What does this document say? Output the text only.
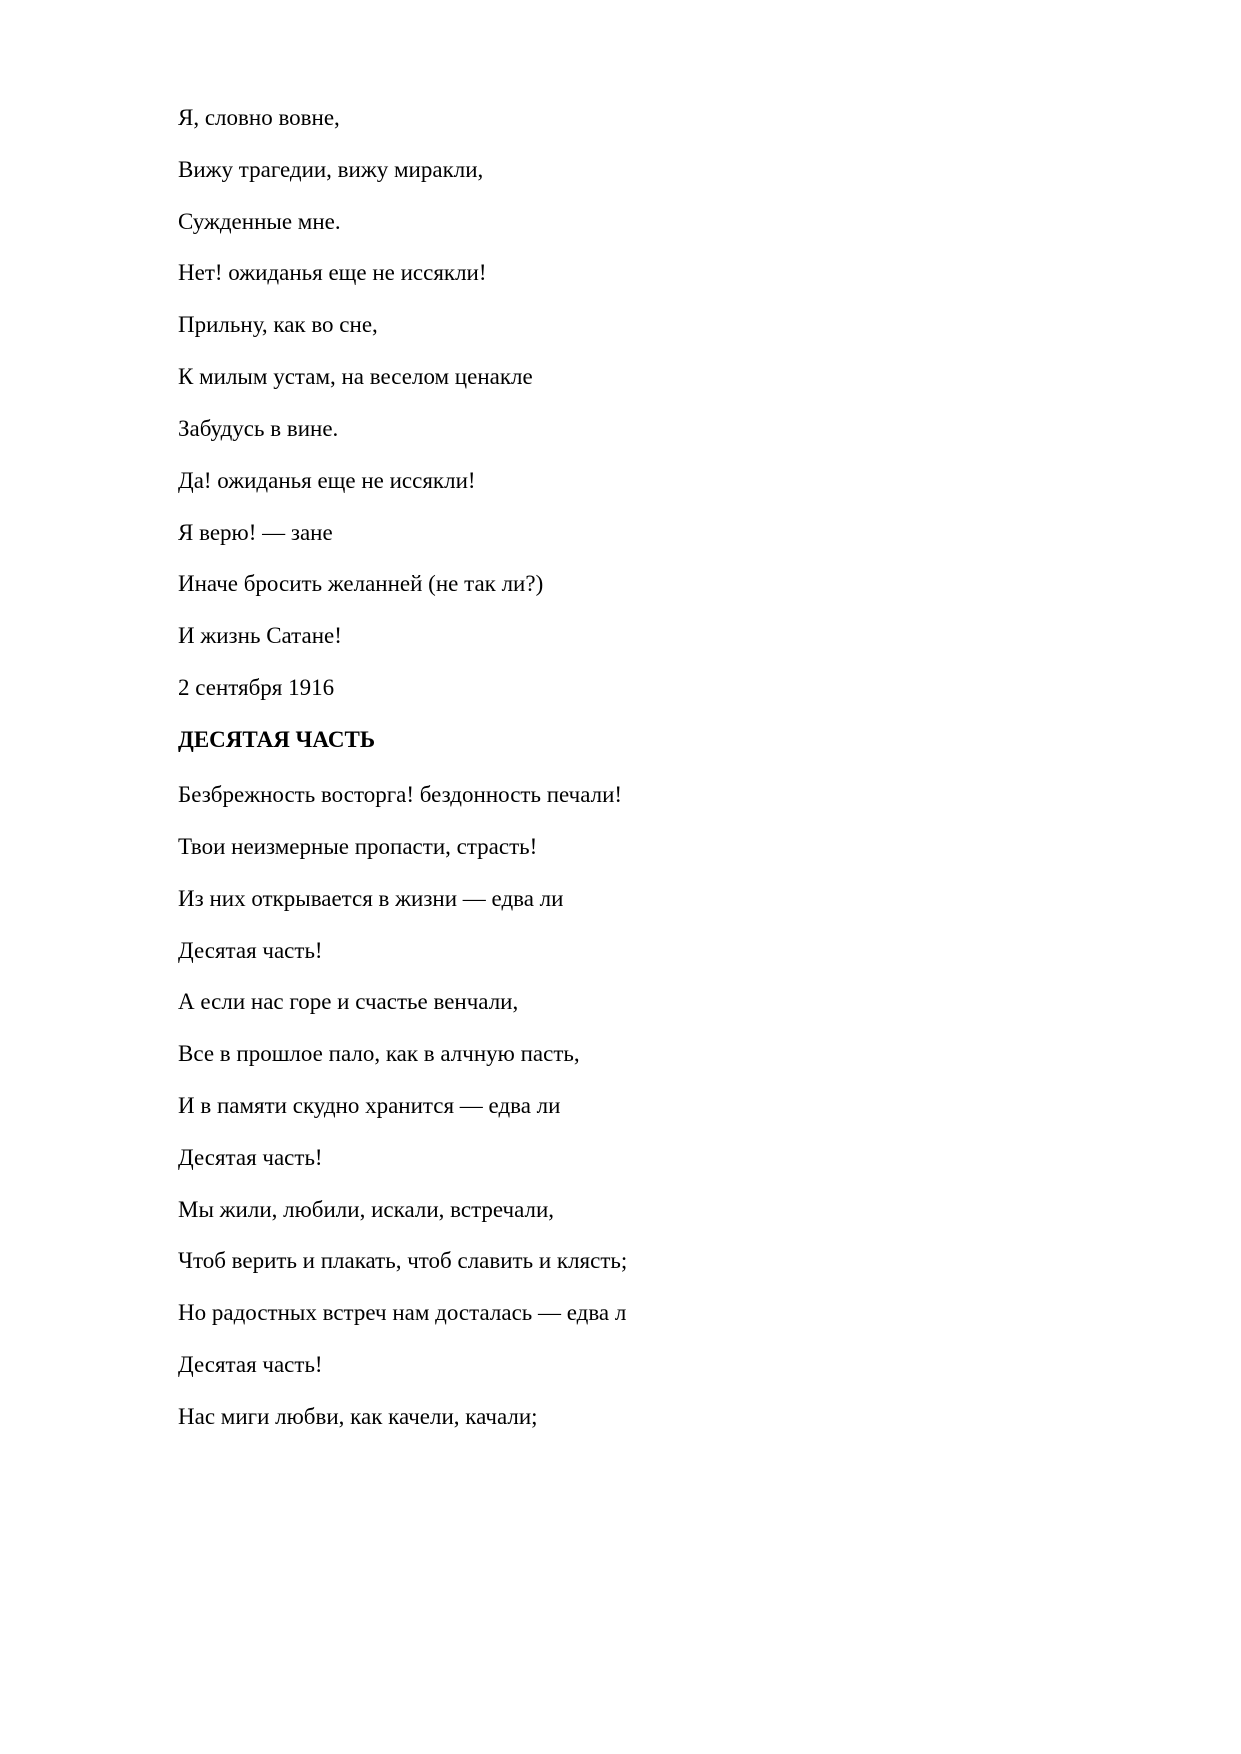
Я, словно вовне,
Вижу трагедии, вижу миракли,
Сужденные мне.
Нет! ожиданья еще не иссякли!
Прильну, как во сне,
К милым устам, на веселом ценакле
Забудусь в вине.
Да! ожиданья еще не иссякли!
Я верю! — зане
Иначе бросить желанней (не так ли?)
И жизнь Сатане!
2 сентября 1916
ДЕСЯТАЯ ЧАСТЬ
Безбрежность восторга! бездонность печали!
Твои неизмерные пропасти, страсть!
Из них открывается в жизни — едва ли
Десятая часть!
А если нас горе и счастье венчали,
Все в прошлое пало, как в алчную пасть,
И в памяти скудно хранится — едва ли
Десятая часть!
Мы жили, любили, искали, встречали,
Чтоб верить и плакать, чтоб славить и клясть;
Но радостных встреч нам досталась — едва л
Десятая часть!
Нас миги любви, как качели, качали;
